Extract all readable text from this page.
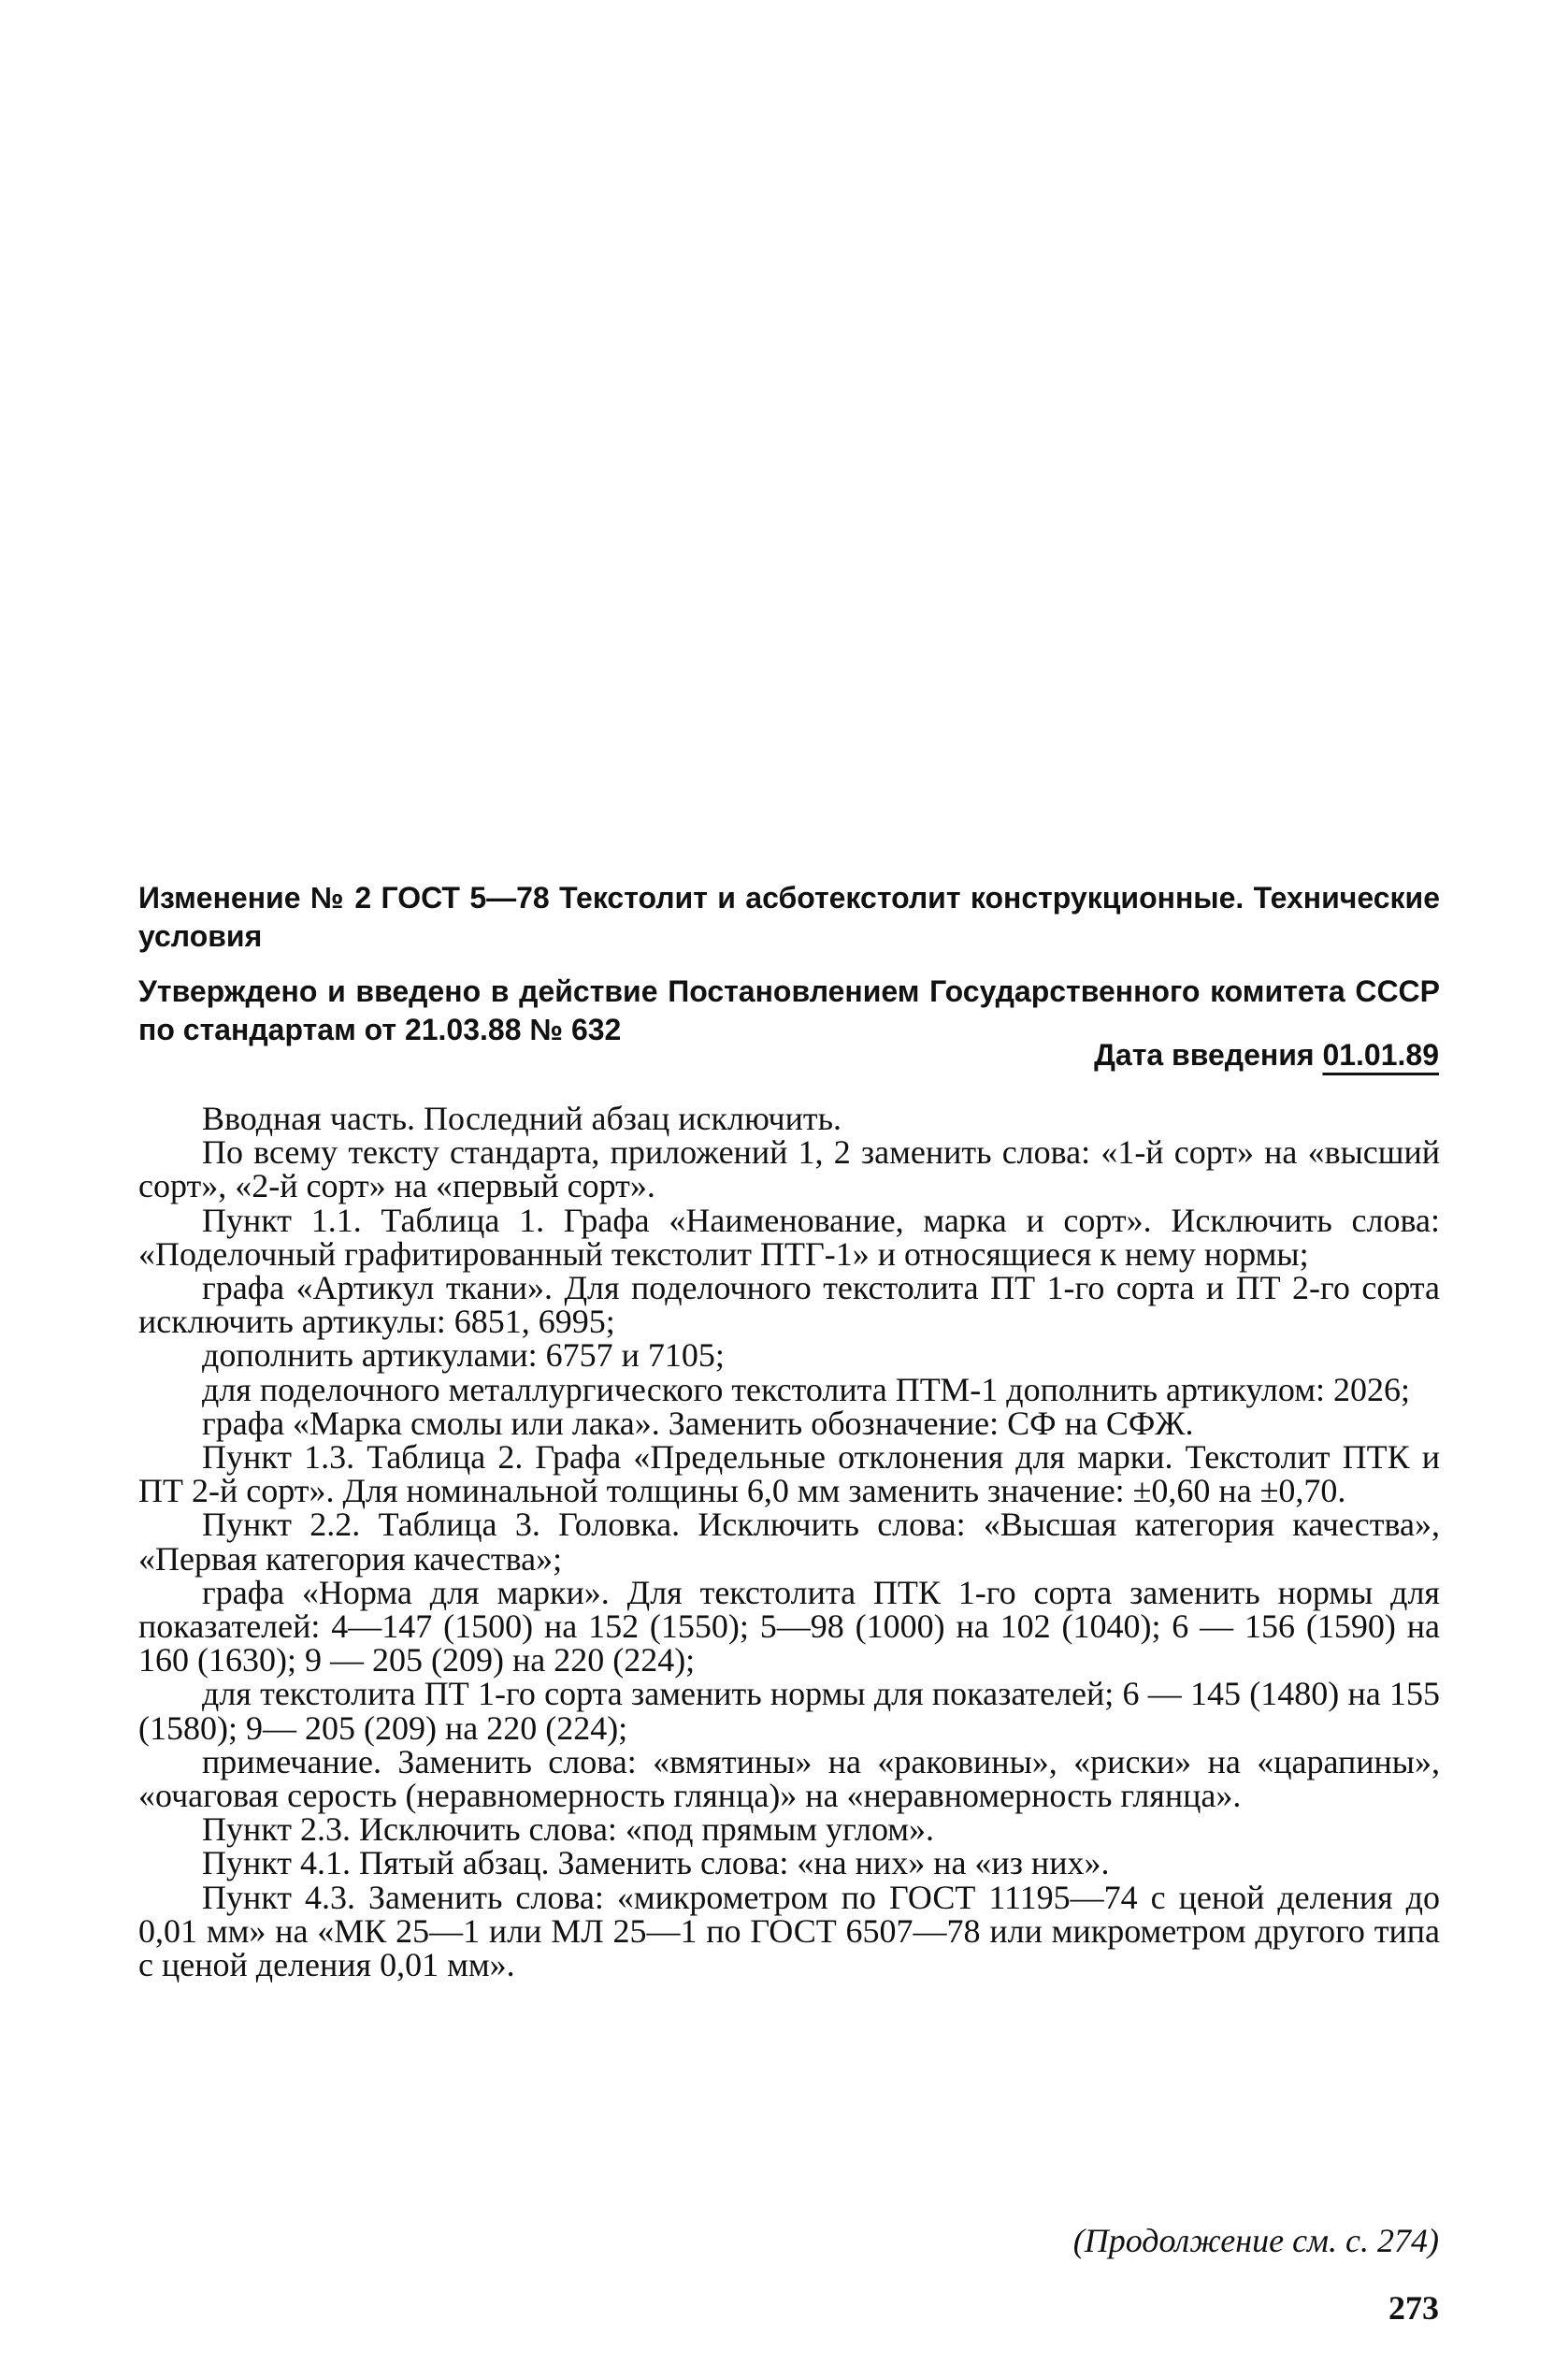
Изменение № 2 ГОСТ 5—78 Текстолит и асботекстолит конструкционные. Технические условия
Утверждено и введено в действие Постановлением Государственного комитета СССР по стандартам от 21.03.88 № 632
Дата введения 01.01.89

Вводная часть. Последний абзац исключить.

По всему тексту стандарта, приложений 1, 2 заменить слова: «1-й сорт» на «высший сорт», «2-й сорт» на «первый сорт».

Пункт 1.1. Таблица 1. Графа «Наименование, марка и сорт». Исключить слова: «Поделочный графитированный текстолит ПТГ-1» и относящиеся к нему нормы;

графа «Артикул ткани». Для поделочного текстолита ПТ 1-го сорта и ПТ 2-го сорта исключить артикулы: 6851, 6995;

дополнить артикулами: 6757 и 7105;

для поделочного металлургического текстолита ПТМ-1 дополнить артикулом: 2026;

графа «Марка смолы или лака». Заменить обозначение: СФ на СФЖ.

Пункт 1.3. Таблица 2. Графа «Предельные отклонения для марки. Текстолит ПТК и ПТ 2-й сорт». Для номинальной толщины 6,0 мм заменить значение: ±0,60 на ±0,70.

Пункт 2.2. Таблица 3. Головка. Исключить слова: «Высшая категория качества», «Первая категория качества»;

графа «Норма для марки». Для текстолита ПТК 1-го сорта заменить нормы для показателей: 4—147 (1500) на 152 (1550); 5—98 (1000) на 102 (1040); 6 — 156 (1590) на 160 (1630); 9 — 205 (209) на 220 (224);

для текстолита ПТ 1-го сорта заменить нормы для показателей; 6 — 145 (1480) на 155 (1580); 9— 205 (209) на 220 (224);

примечание. Заменить слова: «вмятины» на «раковины», «риски» на «царапины», «очаговая серость (неравномерность глянца)» на «неравномерность глянца».

Пункт 2.3. Исключить слова: «под прямым углом».

Пункт 4.1. Пятый абзац. Заменить слова: «на них» на «из них».

Пункт 4.3. Заменить слова: «микрометром по ГОСТ 11195—74 с ценой деления до 0,01 мм» на «МК 25—1 или МЛ 25—1 по ГОСТ 6507—78 или микрометром другого типа с ценой деления 0,01 мм».

(Продолжение см. с. 274)
273
